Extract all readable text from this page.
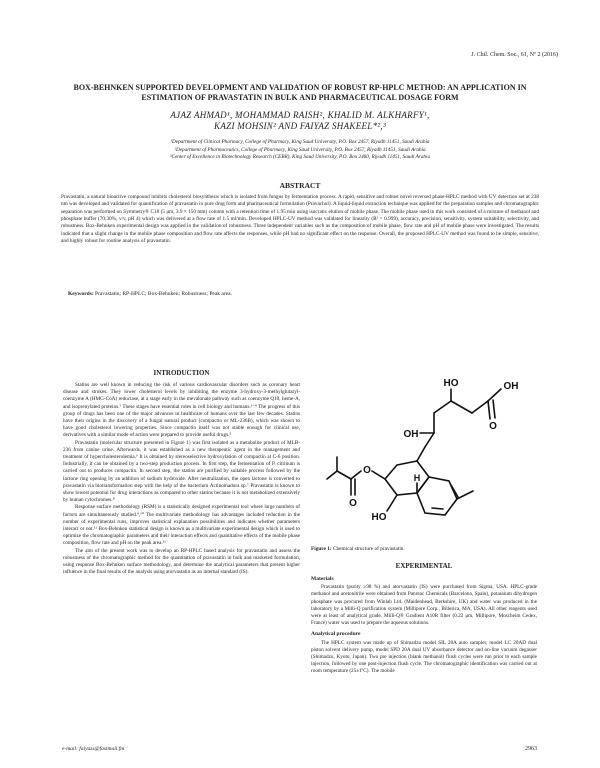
J. Chil. Chem. Soc., 61, Nº 2 (2016)
BOX-BEHNKEN SUPPORTED DEVELOPMENT AND VALIDATION OF ROBUST RP-HPLC METHOD: AN APPLICATION IN ESTIMATION OF PRAVASTATIN IN BULK AND PHARMACEUTICAL DOSAGE FORM
AJAZ AHMAD¹, MOHAMMAD RAISH², KHALID M. ALKHARFY¹,
KAZI MOHSIN² AND FAIYAZ SHAKEEL*²,³
¹Department of Clinical Pharmacy, College of Pharmacy, King Saud University, P.O. Box 2457, Riyadh 11451, Saudi Arabia
²Department of Pharmaceutics, College of Pharmacy, King Saud University, P.O. Box 2457, Riyadh 11451, Saudi Arabia
³Center of Excellence in Biotechnology Research (CEBR), King Saud University, P.O. Box 2460, Riyadh 11451, Saudi Arabia
ABSTRACT
Pravastatin, a natural bioactive compound inhibits cholesterol biosynthesis which is isolated from fungus by fermentation process. A rapid, sensitive and robust novel reversed phase-HPLC method with UV detection set at 238 nm was developed and validated for quantification of pravastatin in pure drug form and pharmaceutical formulation (Pravachol). A liquid-liquid extraction technique was applied for the preparation samples and chromatographic separation was performed on Symmetry® C18 (5 μm, 3.9 × 150 mm) column with a retention time of 1.95 min using isocratic elution of mobile phase. The mobile phase used in this work consisted of a mixture of methanol and phosphate buffer (70:30%, v/v, pH 4) which was delivered at a flow rate of 1.5 ml/min. Developed HPLC-UV method was validated for linearity (R² = 0.999), accuracy, precision, sensitivity, system suitability, selectivity, and robustness. Box-Behnken experimental design was applied in the validation of robustness. Three independent variables such as the composition of mobile phase, flow rate and pH of mobile phase were investigated. The results indicated that a slight change in the mobile phase composition and flow rate affects the responses, while pH had no significant effect on the response. Overall, the proposed HPLC-UV method was found to be simple, sensitive, and highly robust for routine analysis of pravastatin.
Keywords: Pravastatin; RP-HPLC; Box-Behnken; Robustness; Peak area.
INTRODUCTION

Statins are well known in reducing the risk of various cardiovascular disorders such as coronary heart disease and strokes. They lower cholesterol levels by inhibiting the enzyme 3-hydroxy-3-methylglutaryl-coenzyme A (HMG-CoA) reductase, at a stage early in the mevalonate pathway such as coenzyme Q10, heme-A, and isoprenylated proteins.¹ These stages have essential roles in cell biology and humans.²⁻⁴ The progress of this group of drugs has been one of the major advances in healthcare of humans over the last few decades. Statins have their origins in the discovery of a fungal natural product (compactin or ML-236B), which was shown to have good cholesterol lowering properties. Since compactin itself was not stable enough for clinical use, derivatives with a similar mode of action were prepared to provide useful drugs.⁵

Pravastatin (molecular structure presented in Figure 1) was first isolated as a metabolite product of MLB-236 from canine urine. Afterwards, it was established as a new therapeutic agent in the management and treatment of hypercholesterolemia.⁶ It is obtained by stereoselective hydroxylation of compactin at C-6 position. Industrially, it can be obtained by a two-step production process. In first step, the fermentation of P. citrinum is carried out to produces compactin. In second step, the statins are purified by suitable process followed by the lactone ring opening by an addition of sodium hydroxide. After neutralization, the open lactone is converted to pravastatin via biotransformation step with the help of the bacterium Actinomadura sp.⁷ Pravastatin is known to show lowest potential for drug interactions as compared to other statins because it is not metabolized extensively by human cytochromes.⁸

Response surface methodology (RSM) is a statistically designed experimental tool where large numbers of factors are simultaneously studied.⁹,¹⁰ The multivariate methodology has advantages included reduction in the number of experimental runs, improves statistical explanation possibilities and indicates whether parameters interact or not.¹¹ Box-Behnken statistical design is known as a multivariate experimental design which is used to optimize the chromatographic parameters and their interaction effects and quantitative effects of the mobile phase composition, flow rate and pH on the peak area.¹¹

The aim of the present work was to develop an RP-HPLC based analysis for pravastatin and assess the robustness of the chromatographic method for the quantitation of pravastatin in bulk and marketed formulation, using response Box-Behnken surface methodology, and determine the analytical parameters that present higher influence in the final results of the analysis using atorvastatin as an internal standard (IS).

HO	OH
O
OH
O
O
H
HO
Figure 1: Chemical structure of pravastatin.
EXPERIMENTAL
Materials

Pravastatin (purity ≥98 %) and atorvastatin (IS) were purchased from Sigma, USA. HPLC-grade methanol and acetonitrile were obtained from Panreac Chemicals (Barcelona, Spain), potassium dihydrogen phosphate was procured from Winlab Ltd. (Maidenhead, Berkshire, UK) and water was produced in the laboratory by a Milli-Q purification system (Millipore Corp., Billerica, MA, USA). All other reagents used were at least of analytical grade. Milli-Q® Gradient A10R filter (0.22 μm, Millipore, Moscheim Cedex, France) water was used to prepare the aqueous solutions.

Analytical procedure

The HPLC system was made up of Shimadzu model SIL 20A auto sampler, model LC 20AD dual piston solvent delivery pump, model SPD 20A dual UV absorbance detector and on-line vacuum degasser (Shimadzu, Kyoto, Japan). Two pre injection (blank methanol) flush cycles were run prior to each sample injection, followed by one post-injection flush cycle. The chromatographic identification was carried out at room temperature (25±1ºC). The mobile

e-mail: faiyazs@fastmail.fm	2963
